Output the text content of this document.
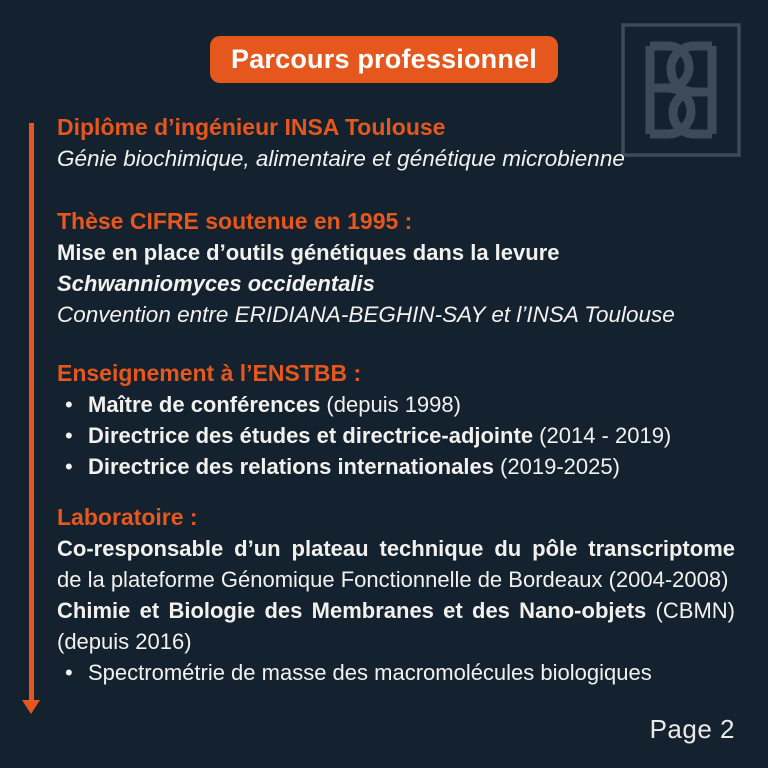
Parcours professionnel
Diplôme d’ingénieur INSA Toulouse

Génie biochimique, alimentaire et génétique microbienne

Thèse CIFRE soutenue en 1995 :

Mise en place d’outils génétiques dans la levure

Schwanniomyces occidentalis

Convention entre ERIDIANA-BEGHIN-SAY et l’INSA Toulouse

Enseignement à l’ENSTBB :
• Maître de conférences (depuis 1998)
• Directrice des études et directrice-adjointe (2014 - 2019)
• Directrice des relations internationales (2019-2025)
Laboratoire :

Co-responsable d’un plateau technique du pôle transcriptome de la plateforme Génomique Fonctionnelle de Bordeaux (2004-2008)

Chimie et Biologie des Membranes et des Nano-objets (CBMN) (depuis 2016)

• Spectrométrie de masse des macromolécules biologiques
Page 2
